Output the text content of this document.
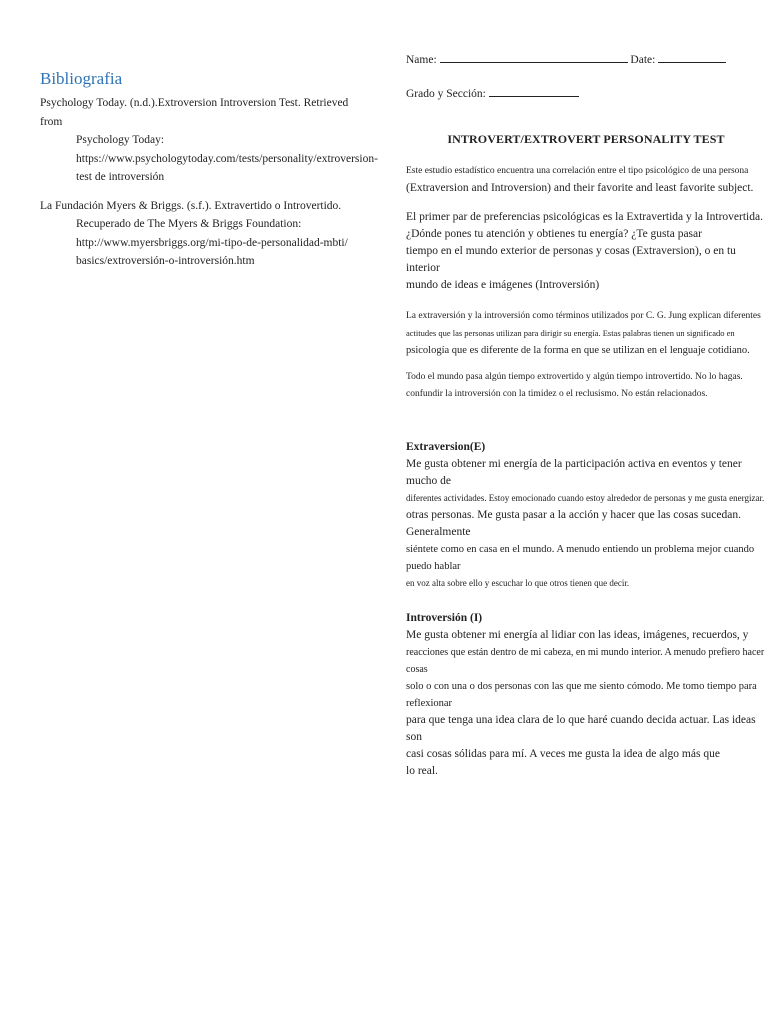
Bibliografia

Psychology Today. (n.d.).Extroversion Introversion Test. Retrieved from
Psychology Today:
https://www.psychologytoday.com/tests/personality/extroversion-
test de introversión

La Fundación Myers & Briggs. (s.f.). Extravertido o Introvertido.
Recuperado de The Myers & Briggs Foundation:
http://www.myersbriggs.org/mi-tipo-de-personalidad-mbti/
basics/extroversión-o-introversión.htm

Name:	Date:
Grado y Sección:
INTROVERT/EXTROVERT PERSONALITY TEST

Este estudio estadístico encuentra una correlación entre el tipo psicológico de una persona

(Extraversion and Introversion) and their favorite and least favorite subject.

El primer par de preferencias psicológicas es la Extravertida y la Introvertida.

¿Dónde pones tu atención y obtienes tu energía? ¿Te gusta pasar

tiempo en el mundo exterior de personas y cosas (Extraversion), o en tu interior

mundo de ideas e imágenes (Introversión)

La extraversión y la introversión como términos utilizados por C. G. Jung explican diferentes

actitudes que las personas utilizan para dirigir su energía. Estas palabras tienen un significado en

psicología que es diferente de la forma en que se utilizan en el lenguaje cotidiano.

Todo el mundo pasa algún tiempo extrovertido y algún tiempo introvertido. No lo hagas.

confundir la introversión con la timidez o el reclusismo. No están relacionados.

Extraversion(E)

Me gusta obtener mi energía de la participación activa en eventos y tener mucho de

diferentes actividades. Estoy emocionado cuando estoy alrededor de personas y me gusta energizar.

otras personas. Me gusta pasar a la acción y hacer que las cosas sucedan. Generalmente

siéntete como en casa en el mundo. A menudo entiendo un problema mejor cuando puedo hablar

en voz alta sobre ello y escuchar lo que otros tienen que decir.

Introversión (I)

Me gusta obtener mi energía al lidiar con las ideas, imágenes, recuerdos, y

reacciones que están dentro de mi cabeza, en mi mundo interior. A menudo prefiero hacer cosas

solo o con una o dos personas con las que me siento cómodo. Me tomo tiempo para reflexionar

para que tenga una idea clara de lo que haré cuando decida actuar. Las ideas son

casi cosas sólidas para mí. A veces me gusta la idea de algo más que

lo real.
